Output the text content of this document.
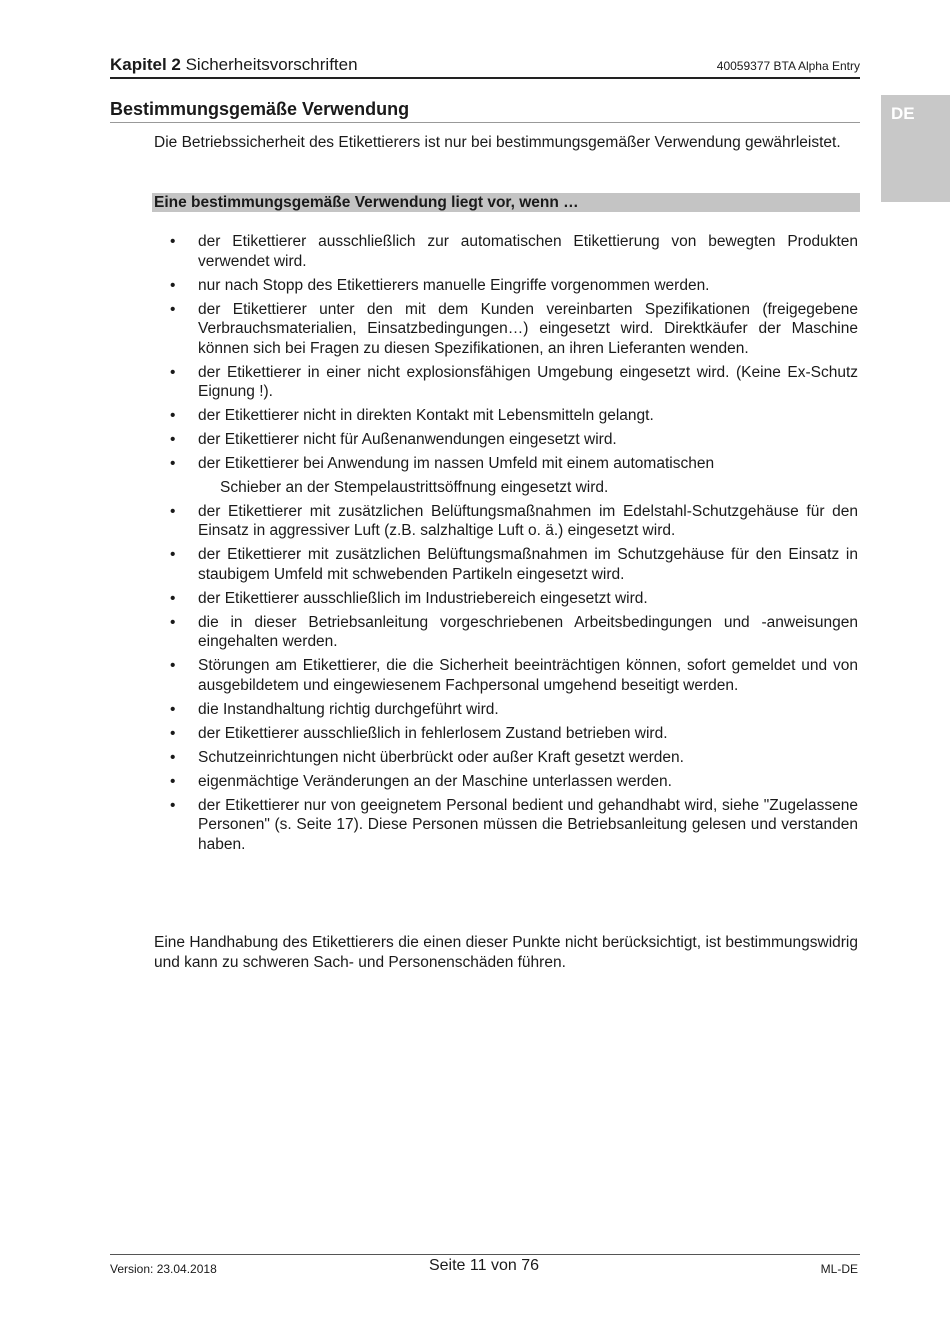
Kapitel 2 Sicherheitsvorschriften	40059377 BTA Alpha Entry
Bestimmungsgemäße Verwendung	DE
Die Betriebssicherheit des Etikettierers ist nur bei bestimmungsgemäßer Verwendung gewährleistet.
Eine bestimmungsgemäße Verwendung liegt vor, wenn …
• der Etikettierer ausschließlich zur automatischen Etikettierung von bewegten Produkten verwendet wird.
• nur nach Stopp des Etikettierers manuelle Eingriffe vorgenommen werden.
• der Etikettierer unter den mit dem Kunden vereinbarten Spezifikationen (freigegebene Verbrauchsmaterialien, Einsatzbedingungen…) eingesetzt wird. Direktkäufer der Maschine können sich bei Fragen zu diesen Spezifikationen, an ihren Lieferanten wenden.
• der Etikettierer in einer nicht explosionsfähigen Umgebung eingesetzt wird. (Keine Ex-Schutz Eignung !).
• der Etikettierer nicht in direkten Kontakt mit Lebensmitteln gelangt.
• der Etikettierer nicht für Außenanwendungen eingesetzt wird.
• der Etikettierer bei Anwendung im nassen Umfeld mit einem automatischen
Schieber an der Stempelaustrittsöffnung eingesetzt wird.
• der Etikettierer mit zusätzlichen Belüftungsmaßnahmen im Edelstahl-Schutzgehäuse für den Einsatz in aggressiver Luft (z.B. salzhaltige Luft o. ä.) eingesetzt wird.
• der Etikettierer mit zusätzlichen Belüftungsmaßnahmen im Schutzgehäuse für den Einsatz in staubigem Umfeld mit schwebenden Partikeln eingesetzt wird.
• der Etikettierer ausschließlich im Industriebereich eingesetzt wird.
• die in dieser Betriebsanleitung vorgeschriebenen Arbeitsbedingungen und -anweisungen eingehalten werden.
• Störungen am Etikettierer, die die Sicherheit beeinträchtigen können, sofort gemeldet und von ausgebildetem und eingewiesenem Fachpersonal umgehend beseitigt werden.
• die Instandhaltung richtig durchgeführt wird.
• der Etikettierer ausschließlich in fehlerlosem Zustand betrieben wird.
• Schutzeinrichtungen nicht überbrückt oder außer Kraft gesetzt werden.
• eigenmächtige Veränderungen an der Maschine unterlassen werden.
• der Etikettierer nur von geeignetem Personal bedient und gehandhabt wird, siehe "Zugelassene Personen" (s. Seite 17). Diese Personen müssen die Betriebsanleitung gelesen und verstanden haben.
Eine Handhabung des Etikettierers die einen dieser Punkte nicht berücksichtigt, ist bestimmungswidrig und kann zu schweren Sach- und Personenschäden führen.
Version: 23.04.2018	Seite 11 von 76	ML-DE
